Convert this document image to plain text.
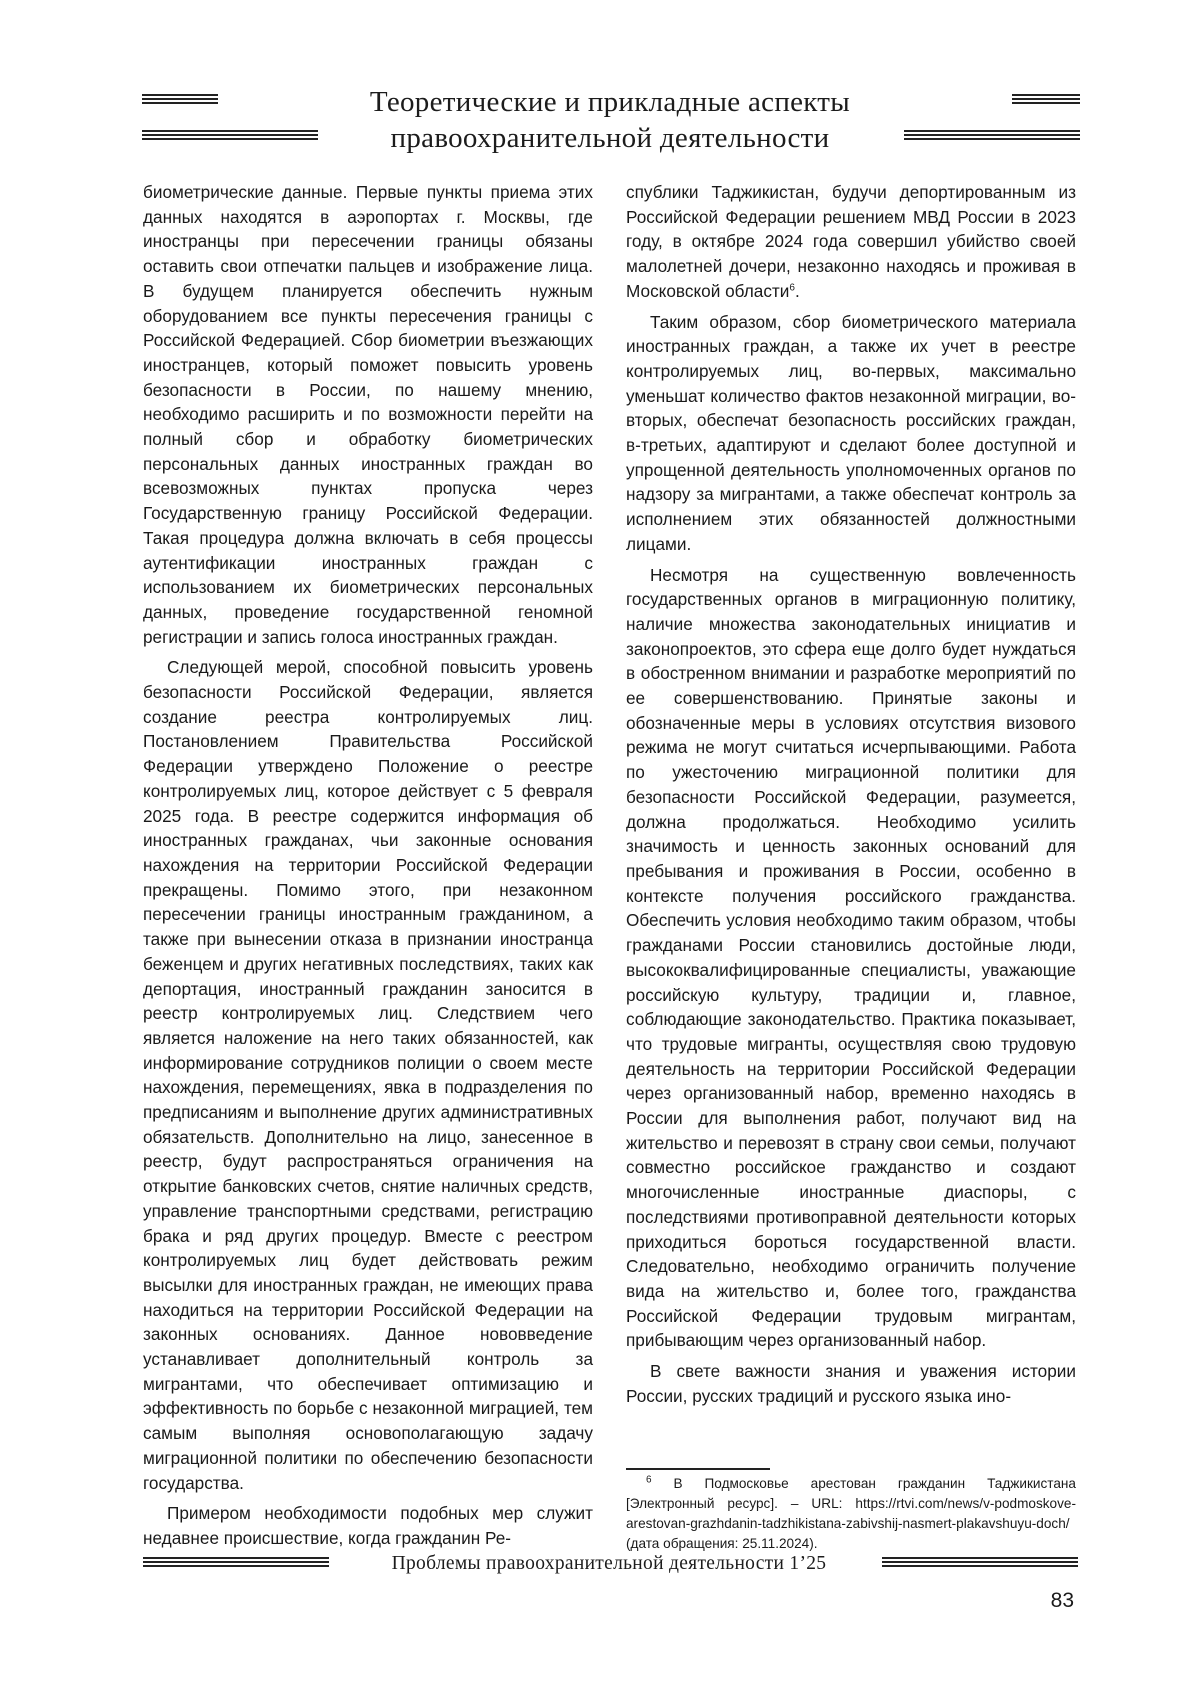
Теоретические и прикладные аспекты
правоохранительной деятельности

биометрические данные. Первые пункты приема этих данных находятся в аэропортах г. Москвы, где иностранцы при пересечении границы обязаны оставить свои отпечатки пальцев и изображение лица. В будущем планируется обеспечить нужным оборудованием все пункты пересечения границы с Российской Федерацией. Сбор биометрии въезжающих иностранцев, который поможет повысить уровень безопасности в России, по нашему мнению, необходимо расширить и по возможности перейти на полный сбор и обработку биометрических персональных данных иностранных граждан во всевозможных пунктах пропуска через Государственную границу Российской Федерации. Такая процедура должна включать в себя процессы аутентификации иностранных граждан с использованием их биометрических персональных данных, проведение государственной геномной регистрации и запись голоса иностранных граждан.

Следующей мерой, способной повысить уровень безопасности Российской Федерации, является создание реестра контролируемых лиц. Постановлением Правительства Российской Федерации утверждено Положение о реестре контролируемых лиц, которое действует с 5 февраля 2025 года. В реестре содержится информация об иностранных гражданах, чьи законные основания нахождения на территории Российской Федерации прекращены. Помимо этого, при незаконном пересечении границы иностранным гражданином, а также при вынесении отказа в признании иностранца беженцем и других негативных последствиях, таких как депортация, иностранный гражданин заносится в реестр контролируемых лиц. Следствием чего является наложение на него таких обязанностей, как информирование сотрудников полиции о своем месте нахождения, перемещениях, явка в подразделения по предписаниям и выполнение других административных обязательств. Дополнительно на лицо, занесенное в реестр, будут распространяться ограничения на открытие банковских счетов, снятие наличных средств, управление транспортными средствами, регистрацию брака и ряд других процедур. Вместе с реестром контролируемых лиц будет действовать режим высылки для иностранных граждан, не имеющих права находиться на территории Российской Федерации на законных основаниях. Данное нововведение устанавливает дополнительный контроль за мигрантами, что обеспечивает оптимизацию и эффективность по борьбе с незаконной миграцией, тем самым выполняя основополагающую задачу миграционной политики по обеспечению безопасности государства.

Примером необходимости подобных мер служит недавнее происшествие, когда гражданин Ре-

спублики Таджикистан, будучи депортированным из Российской Федерации решением МВД России в 2023 году, в октябре 2024 года совершил убийство своей малолетней дочери, незаконно находясь и проживая в Московской области$^6$.

Таким образом, сбор биометрического материала иностранных граждан, а также их учет в реестре контролируемых лиц, во-первых, максимально уменьшат количество фактов незаконной миграции, во-вторых, обеспечат безопасность российских граждан, в-третьих, адаптируют и сделают более доступной и упрощенной деятельность уполномоченных органов по надзору за мигрантами, а также обеспечат контроль за исполнением этих обязанностей должностными лицами.

Несмотря на существенную вовлеченность государственных органов в миграционную политику, наличие множества законодательных инициатив и законопроектов, это сфера еще долго будет нуждаться в обостренном внимании и разработке мероприятий по ее совершенствованию. Принятые законы и обозначенные меры в условиях отсутствия визового режима не могут считаться исчерпывающими. Работа по ужесточению миграционной политики для безопасности Российской Федерации, разумеется, должна продолжаться. Необходимо усилить значимость и ценность законных оснований для пребывания и проживания в России, особенно в контексте получения российского гражданства. Обеспечить условия необходимо таким образом, чтобы гражданами России становились достойные люди, высококвалифицированные специалисты, уважающие российскую культуру, традиции и, главное, соблюдающие законодательство. Практика показывает, что трудовые мигранты, осуществляя свою трудовую деятельность на территории Российской Федерации через организованный набор, временно находясь в России для выполнения работ, получают вид на жительство и перевозят в страну свои семьи, получают совместно российское гражданство и создают многочисленные иностранные диаспоры, с последствиями противоправной деятельности которых приходиться бороться государственной власти. Следовательно, необходимо ограничить получение вида на жительство и, более того, гражданства Российской Федерации трудовым мигрантам, прибывающим через организованный набор.

В свете важности знания и уважения истории России, русских традиций и русского языка ино-

$^6$ В Подмосковье арестован гражданин Таджикистана [Электронный ресурс]. – URL: https://rtvi.com/news/v-podmoskove-arestovan-grazhdanin-tadzhikistana-zabivshij-nasmert-plakavshuyu-doch/ (дата обращения: 25.11.2024).
Проблемы правоохранительной деятельности 1’25
83
